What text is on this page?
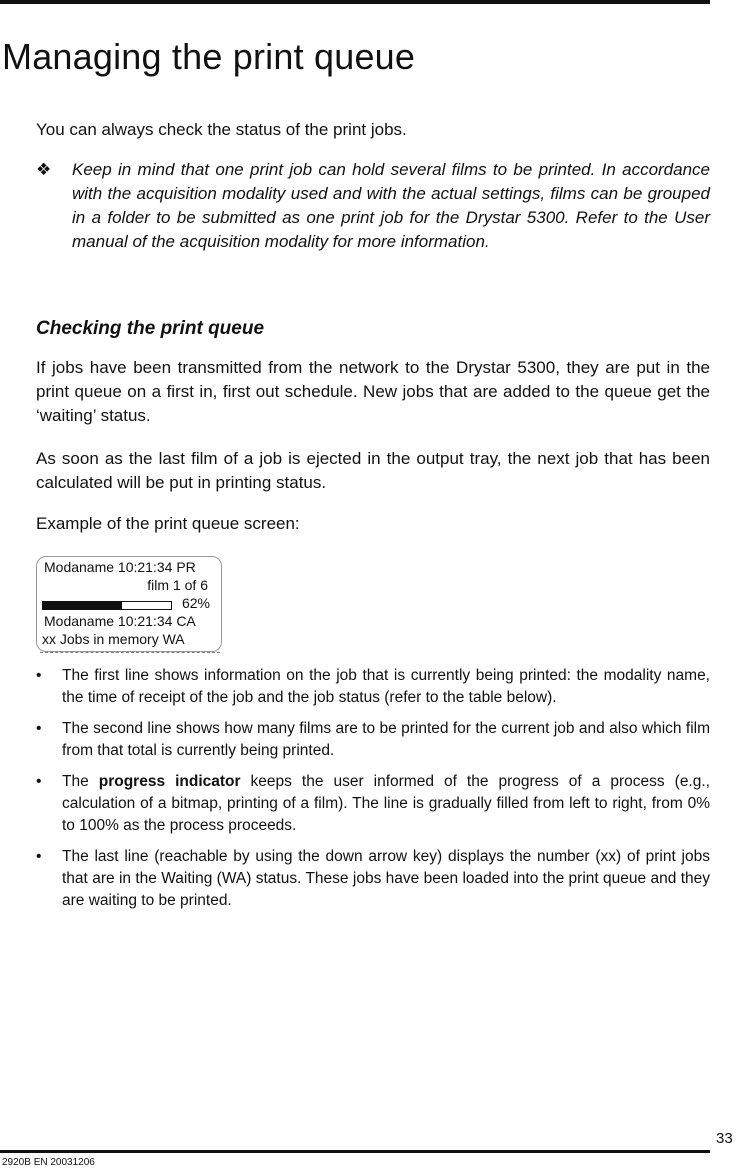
Managing the print queue

You can always check the status of the print jobs.

❖	Keep in mind that one print job can hold several films to be printed. In accordance with the acquisition modality used and with the actual settings, films can be grouped in a folder to be submitted as one print job for the Drystar 5300. Refer to the User manual of the acquisition modality for more information.
Checking the print queue

If jobs have been transmitted from the network to the Drystar 5300, they are put in the print queue on a first in, first out schedule. New jobs that are added to the queue get the ‘waiting’ status.

As soon as the last film of a job is ejected in the output tray, the next job that has been calculated will be put in printing status.

Example of the print queue screen:

Modaname 10:21:34 PR
film 1 of 6
62%
Modaname 10:21:34 CA
xx Jobs in memory WA
• The first line shows information on the job that is currently being printed: the modality name, the time of receipt of the job and the job status (refer to the table below).
• The second line shows how many films are to be printed for the current job and also which film from that total is currently being printed.
• The progress indicator keeps the user informed of the progress of a process (e.g., calculation of a bitmap, printing of a film). The line is gradually filled from left to right, from 0% to 100% as the process proceeds.
• The last line (reachable by using the down arrow key) displays the number (xx) of print jobs that are in the Waiting (WA) status. These jobs have been loaded into the print queue and they are waiting to be printed.
33
2920B EN 20031206
